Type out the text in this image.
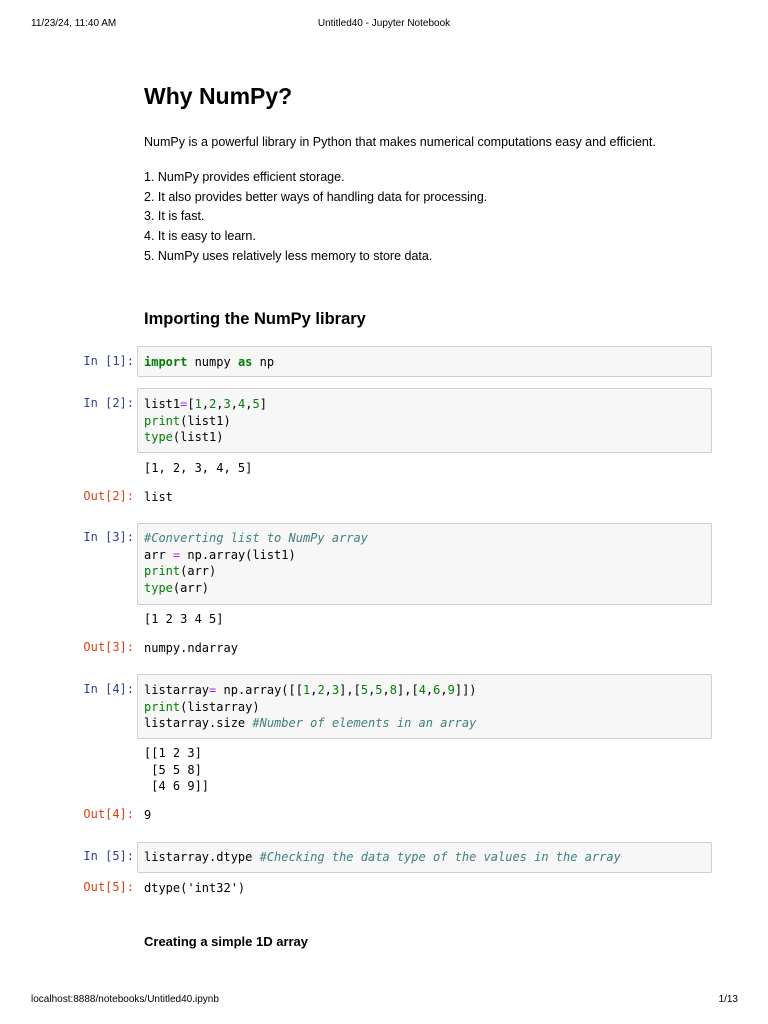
11/23/24, 11:40 AM	Untitled40 - Jupyter Notebook
Why NumPy?

NumPy is a powerful library in Python that makes numerical computations easy and efficient.

1. NumPy provides efficient storage.
2. It also provides better ways of handling data for processing.
3. It is fast.
4. It is easy to learn.
5. NumPy uses relatively less memory to store data.
Importing the NumPy library
In [1]: import numpy as np
In [2]: list1=[1,2,3,4,5]
print(list1)
type(list1)
[1, 2, 3, 4, 5]
Out[2]: list
In [3]: #Converting list to NumPy array
arr = np.array(list1)
print(arr)
type(arr)
[1 2 3 4 5]
Out[3]: numpy.ndarray
In [4]: listarray= np.array([[1,2,3],[5,5,8],[4,6,9]])
print(listarray)
listarray.size #Number of elements in an array
[[1 2 3]
[5 5 8]
[4 6 9]]
Out[4]: 9
In [5]: listarray.dtype #Checking the data type of the values in the array
Out[5]: dtype('int32')
Creating a simple 1D array
localhost:8888/notebooks/Untitled40.ipynb	1/13
